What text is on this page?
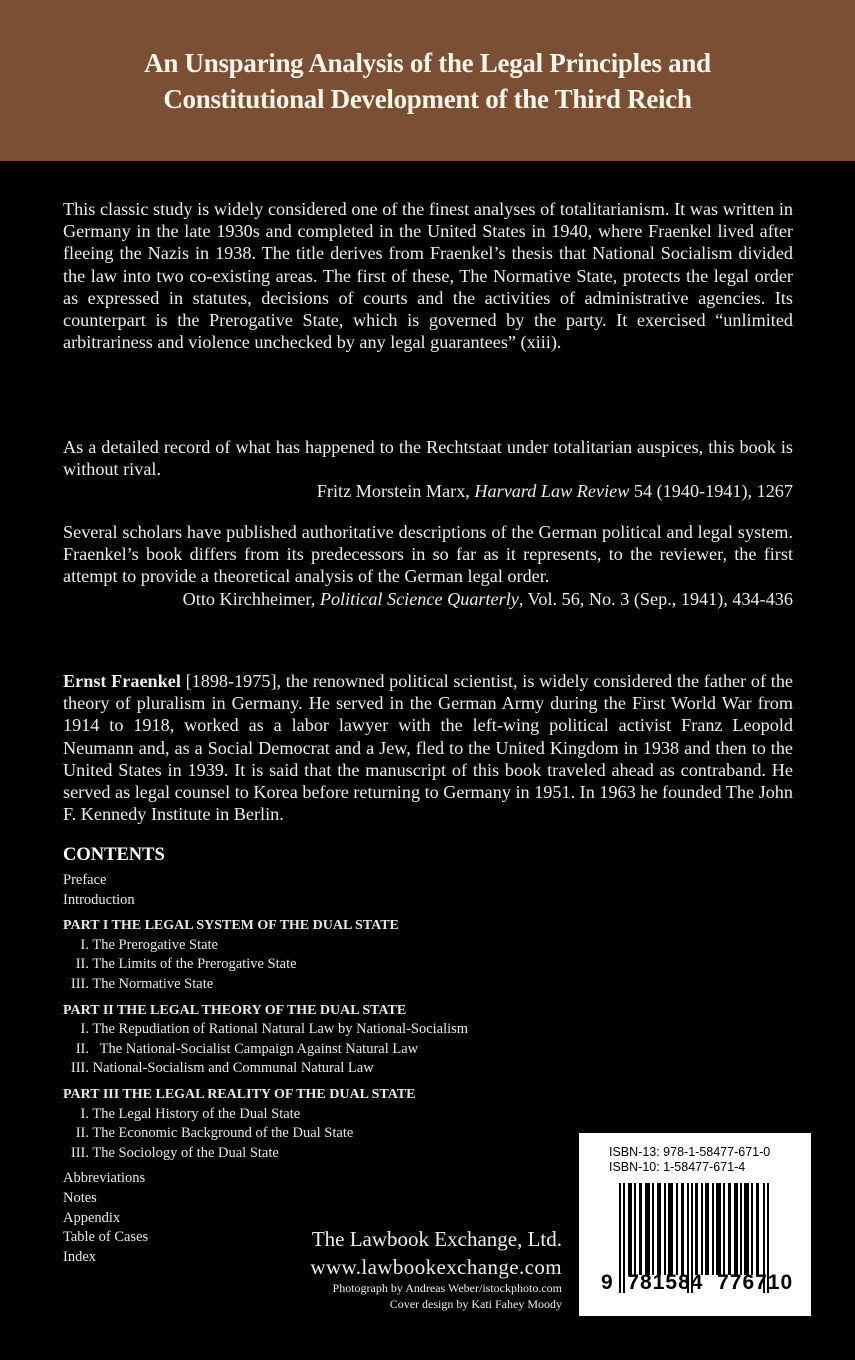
An Unsparing Analysis of the Legal Principles and
Constitutional Development of the Third Reich
This classic study is widely considered one of the finest analyses of totalitarianism. It was written in Germany in the late 1930s and completed in the United States in 1940, where Fraenkel lived after fleeing the Nazis in 1938. The title derives from Fraenkel’s thesis that National Socialism divided the law into two co-existing areas. The first of these, The Normative State, protects the legal order as expressed in statutes, decisions of courts and the activities of administrative agencies. Its counterpart is the Prerogative State, which is governed by the party. It exercised “unlimited arbitrariness and violence unchecked by any legal guarantees” (xiii).
As a detailed record of what has happened to the Rechtstaat under totalitarian auspices, this book is without rival.
Fritz Morstein Marx, Harvard Law Review 54 (1940-1941), 1267
Several scholars have published authoritative descriptions of the German political and legal system. Fraenkel’s book differs from its predecessors in so far as it represents, to the reviewer, the first attempt to provide a theoretical analysis of the German legal order.
Otto Kirchheimer, Political Science Quarterly, Vol. 56, No. 3 (Sep., 1941), 434-436
Ernst Fraenkel [1898-1975], the renowned political scientist, is widely considered the father of the theory of pluralism in Germany. He served in the German Army during the First World War from 1914 to 1918, worked as a labor lawyer with the left-wing political activist Franz Leopold Neumann and, as a Social Democrat and a Jew, fled to the United Kingdom in 1938 and then to the United States in 1939. It is said that the manuscript of this book traveled ahead as contraband. He served as legal counsel to Korea before returning to Germany in 1951. In 1963 he founded The John F. Kennedy Institute in Berlin.
CONTENTS
Preface
Introduction
PART I THE LEGAL SYSTEM OF THE DUAL STATE
I. The Prerogative State
II. The Limits of the Prerogative State
III. The Normative State
PART II THE LEGAL THEORY OF THE DUAL STATE
I. The Repudiation of Rational Natural Law by National-Socialism
II.   The National-Socialist Campaign Against Natural Law
III. National-Socialism and Communal Natural Law
PART III THE LEGAL REALITY OF THE DUAL STATE
I. The Legal History of the Dual State
II. The Economic Background of the Dual State
III. The Sociology of the Dual State
Abbreviations
Notes
Appendix
Table of Cases
Index
The Lawbook Exchange, Ltd.
www.lawbookexchange.com
Photograph by Andreas Weber/istockphoto.com
Cover design by Kati Fahey Moody
ISBN-13: 978-1-58477-671-0
ISBN-10: 1-58477-671-4
9  781584  776710
